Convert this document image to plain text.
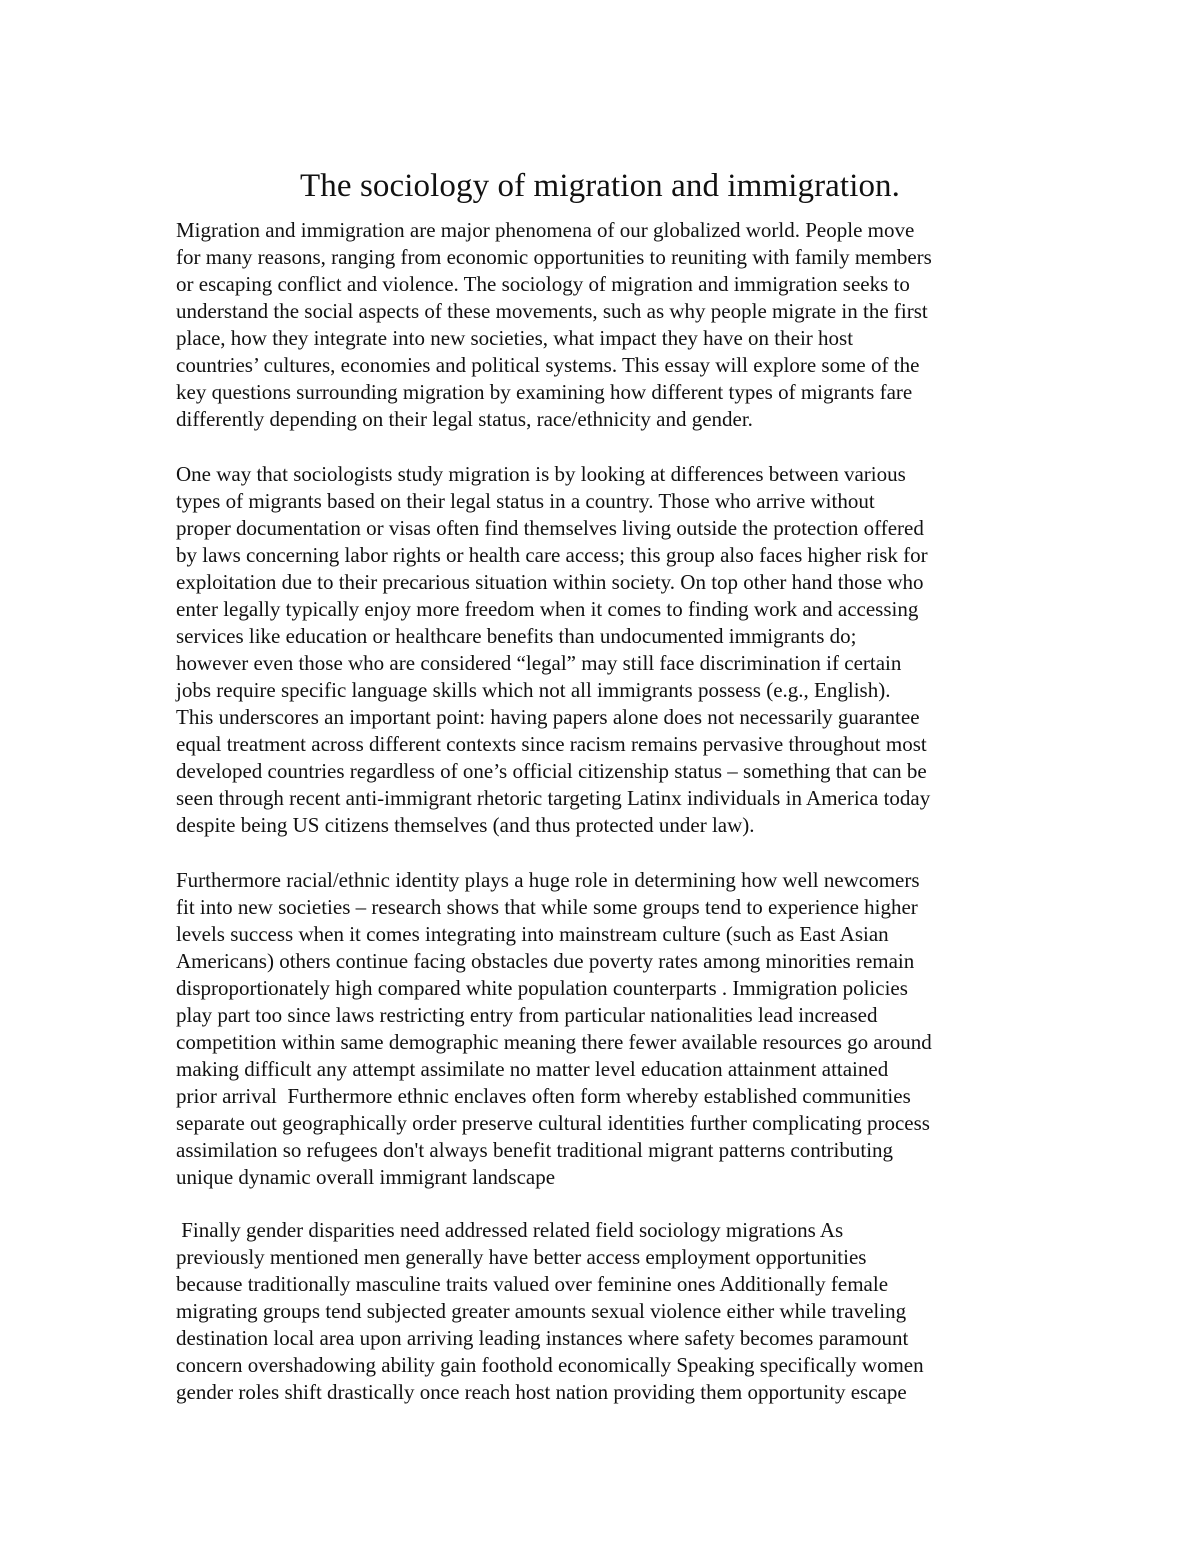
The sociology of migration and immigration.
Migration and immigration are major phenomena of our globalized world. People move
for many reasons, ranging from economic opportunities to reuniting with family members
or escaping conflict and violence. The sociology of migration and immigration seeks to
understand the social aspects of these movements, such as why people migrate in the first
place, how they integrate into new societies, what impact they have on their host
countries’ cultures, economies and political systems. This essay will explore some of the
key questions surrounding migration by examining how different types of migrants fare
differently depending on their legal status, race/ethnicity and gender.
One way that sociologists study migration is by looking at differences between various
types of migrants based on their legal status in a country. Those who arrive without
proper documentation or visas often find themselves living outside the protection offered
by laws concerning labor rights or health care access; this group also faces higher risk for
exploitation due to their precarious situation within society. On top other hand those who
enter legally typically enjoy more freedom when it comes to finding work and accessing
services like education or healthcare benefits than undocumented immigrants do;
however even those who are considered “legal” may still face discrimination if certain
jobs require specific language skills which not all immigrants possess (e.g., English).
This underscores an important point: having papers alone does not necessarily guarantee
equal treatment across different contexts since racism remains pervasive throughout most
developed countries regardless of one’s official citizenship status – something that can be
seen through recent anti-immigrant rhetoric targeting Latinx individuals in America today
despite being US citizens themselves (and thus protected under law).
Furthermore racial/ethnic identity plays a huge role in determining how well newcomers
fit into new societies – research shows that while some groups tend to experience higher
levels success when it comes integrating into mainstream culture (such as East Asian
Americans) others continue facing obstacles due poverty rates among minorities remain
disproportionately high compared white population counterparts . Immigration policies
play part too since laws restricting entry from particular nationalities lead increased
competition within same demographic meaning there fewer available resources go around
making difficult any attempt assimilate no matter level education attainment attained
prior arrival  Furthermore ethnic enclaves often form whereby established communities
separate out geographically order preserve cultural identities further complicating process
assimilation so refugees don't always benefit traditional migrant patterns contributing
unique dynamic overall immigrant landscape
Finally gender disparities need addressed related field sociology migrations As
previously mentioned men generally have better access employment opportunities
because traditionally masculine traits valued over feminine ones Additionally female
migrating groups tend subjected greater amounts sexual violence either while traveling
destination local area upon arriving leading instances where safety becomes paramount
concern overshadowing ability gain foothold economically Speaking specifically women
gender roles shift drastically once reach host nation providing them opportunity escape
